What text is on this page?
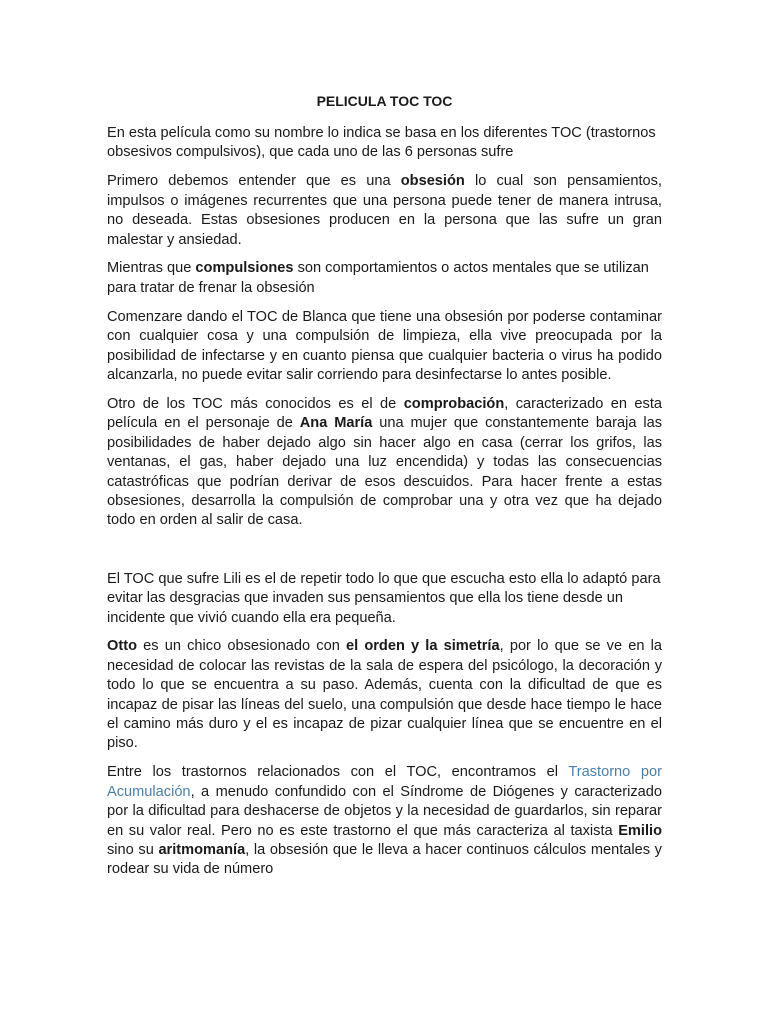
PELICULA TOC TOC

En esta película como su nombre lo indica se basa en los diferentes TOC (trastornos obsesivos compulsivos), que cada uno de las 6 personas sufre

Primero debemos entender que es una obsesión lo cual son pensamientos, impulsos o imágenes recurrentes que una persona puede tener de manera intrusa, no deseada. Estas obsesiones producen en la persona que las sufre un gran malestar y ansiedad.

Mientras que compulsiones son comportamientos o actos mentales que se utilizan para tratar de frenar la obsesión

Comenzare dando el TOC de Blanca que tiene una obsesión por poderse contaminar con cualquier cosa y una compulsión de limpieza, ella vive preocupada por la posibilidad de infectarse y en cuanto piensa que cualquier bacteria o virus ha podido alcanzarla, no puede evitar salir corriendo para desinfectarse lo antes posible.

Otro de los TOC más conocidos es el de comprobación, caracterizado en esta película en el personaje de Ana María una mujer que constantemente baraja las posibilidades de haber dejado algo sin hacer algo en casa (cerrar los grifos, las ventanas, el gas, haber dejado una luz encendida) y todas las consecuencias catastróficas que podrían derivar de esos descuidos. Para hacer frente a estas obsesiones, desarrolla la compulsión de comprobar una y otra vez que ha dejado todo en orden al salir de casa.

El TOC que sufre Lili es el de repetir todo lo que que escucha esto ella lo adaptó para evitar las desgracias que invaden sus pensamientos que ella los tiene desde un incidente que vivió cuando ella era pequeña.

Otto es un chico obsesionado con el orden y la simetría, por lo que se ve en la necesidad de colocar las revistas de la sala de espera del psicólogo, la decoración y todo lo que se encuentra a su paso. Además, cuenta con la dificultad de que es incapaz de pisar las líneas del suelo, una compulsión que desde hace tiempo le hace el camino más duro y el es incapaz de pizar cualquier línea que se encuentre en el piso.

Entre los trastornos relacionados con el TOC, encontramos el Trastorno por Acumulación, a menudo confundido con el Síndrome de Diógenes y caracterizado por la dificultad para deshacerse de objetos y la necesidad de guardarlos, sin reparar en su valor real. Pero no es este trastorno el que más caracteriza al taxista Emilio sino su aritmomanía, la obsesión que le lleva a hacer continuos cálculos mentales y rodear su vida de número
